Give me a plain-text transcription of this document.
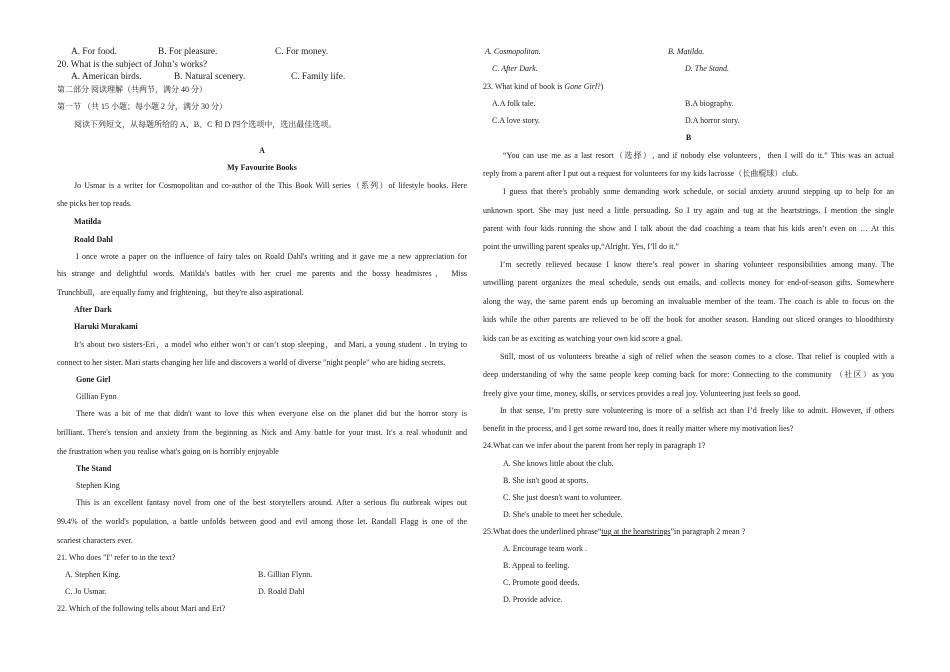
A. For food.	B. For pleasure.	C. For money.
20. What is the subject of John’s works?
A. American birds.	B. Natural scenery.	C. Family life.
第二部分 阅读理解（共两节，满分 40 分）
第一节 （共 15 小题；每小题 2 分，满分 30 分）
阅读下列短文，从每题所给的 A、B、C 和 D 四个选项中，选出最佳选项。
A
My Favourite Books
Jo Usmar is a writer for Cosmopolitan and co-author of the This Book Will series（系列）of lifestyle books. Here
she picks her top reads.
Matilda
Roald Dahl
I once wrote a paper on the influence of fairy tales on Roald Dahl's writing and it gave me a new appreciation for
his strange and delightful words. Matilda's battles with her cruel me parents and the bossy headmisres， Miss
Trunchbull，are equally fumy and frightening，but they're also aspirational.
After Dark
Haruki Murakami
It’s about two sisters-Eri，a model who either won’t or can’t stop sleeping，and Mari, a young student . In trying to
connect to her sister. Mari starts changing her life and discovers a world of diverse "night people" who are hiding secrets.
Gone Girl
Gillian Fynn
There was a bit of me that didn't want to love this when everyone else on the planet did but the horror story is
brilliant. There's tension and anxiety from the beginning as Nick and Amy battle for your trust. It's a real whodunit and
the frustration when you realise what's going on is horribly enjoyable
The Stand
Stephen King
This is an excellent fantasy novel from one of the best storytellers around. After a serious flu outbreak wipes out
99.4% of the world's population, a battle unfolds between good and evil among those let. Randall Flagg is one of the
scariest characters ever.
21. Who does "I" refer to in the text?
A. Stephen King.	B. Gillian Flynn.
C. Jo Usmar.	D. Roald Dahl
22. Which of the following tells about Mari and Eri?
A. Cosmopolitan.	B. Matilda.
C. After Dark.	D. The Stand.
23. What kind of book is Gone Girl?)
A.A folk tale.	B.A biography.
C.A love story.	D.A horror story.
B
“You can use me as a last resort（选择）, and if nobody else volunteers，then I will do it.” This was an actual
reply from a parent after I put out a request for volunteers for my kids lacrosse（长曲棍球）club.
I guess that there's probably some demanding work schedule, or social anxiety around stepping up to help for an
unknown sport. She may just need a little persuading. So I try again and tug at the heartstrings. I mention the single
parent with four kids running the show and I talk about the dad coaching a team that his kids aren’t even on … At this
point the unwilling parent speaks up,“Alright. Yes, I’ll do it.”
I’m secretly relieved because I know there’s real power in sharing volunteer responsibilities among many. The
unwilling parent organizes the meal schedule, sends out emails, and collects money for end-of-season gifts. Somewhere
along the way, the same parent ends up becoming an invaluable member of the team. The coach is able to focus on the
kids while the other parents are relieved to be off the book for another season. Handing out sliced oranges to bloodthirsty
kids can be as exciting as watching your own kid score a goal.
Still, most of us volunteers breathe a sigh of relief when the season comes to a close. That relief is coupled with a
deep understanding of why the same people keep coming back for more: Connecting to the community （社区）as you
freely give your time, money, skills, or services provides a real joy. Volunteering just feels so good.
In that sense, I’m pretty sure volunteering is more of a selfish act than I’d freely like to admit. However, if others
benefit in the process, and I get some reward too, does it really matter where my motivation lies?
24.What can we infer about the parent from her reply in paragraph 1?
A. She knows little about the club.
B. She isn't good at sports.
C. She just doesn't want to volunteer.
D. She's unable to meet her schedule.
25.What does the underlined phrase“tug at the heartstrings”in paragraph 2 mean ?
A. Encourage team work .
B. Appeal to feeling.
C. Promote good deeds.
D. Provide advice.
